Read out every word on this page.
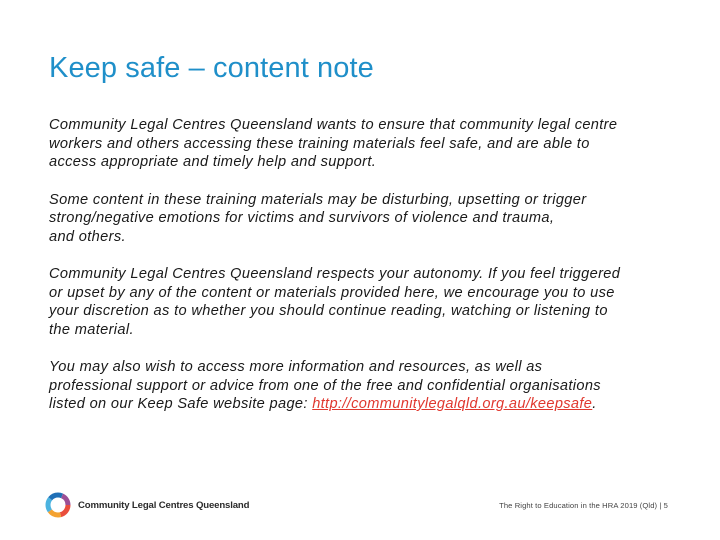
Keep safe – content note

Community Legal Centres Queensland wants to ensure that community legal centre
workers and others accessing these training materials feel safe, and are able to
access appropriate and timely help and support.

Some content in these training materials may be disturbing, upsetting or trigger
strong/negative emotions for victims and survivors of violence and trauma,
and others.

Community Legal Centres Queensland respects your autonomy. If you feel triggered
or upset by any of the content or materials provided here, we encourage you to use
your discretion as to whether you should continue reading, watching or listening to
the material.

You may also wish to access more information and resources, as well as
professional support or advice from one of the free and confidential organisations
listed on our Keep Safe website page: http://communitylegalqld.org.au/keepsafe.

Community Legal Centres Queensland	The Right to Education in the HRA 2019 (Qld) | 5
